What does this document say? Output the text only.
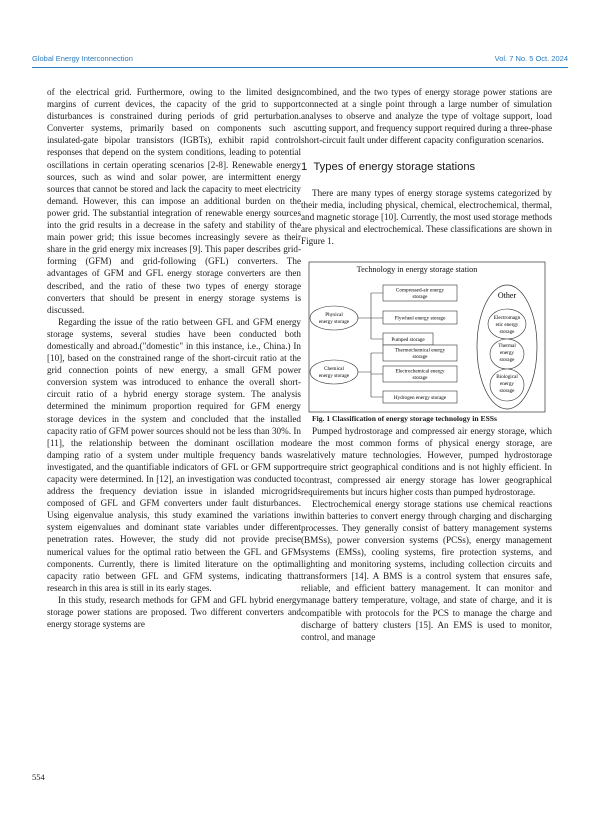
Global Energy Interconnection	Vol. 7 No. 5 Oct. 2024

of the electrical grid. Furthermore, owing to the limited design margins of current devices, the capacity of the grid to support disturbances is constrained during periods of grid perturbation. Converter systems, primarily based on components such as insulated-gate bipolar transistors (IGBTs), exhibit rapid control responses that depend on the system conditions, leading to potential oscillations in certain operating scenarios [2-8]. Renewable energy sources, such as wind and solar power, are intermittent energy sources that cannot be stored and lack the capacity to meet electricity demand. However, this can impose an additional burden on the power grid. The substantial integration of renewable energy sources into the grid results in a decrease in the safety and stability of the main power grid; this issue becomes increasingly severe as their share in the grid energy mix increases [9]. This paper describes grid-forming (GFM) and grid-following (GFL) converters. The advantages of GFM and GFL energy storage converters are then described, and the ratio of these two types of energy storage converters that should be present in energy storage systems is discussed.

Regarding the issue of the ratio between GFL and GFM energy storage systems, several studies have been conducted both domestically and abroad.("domestic" in this instance, i.e., China.) In [10], based on the constrained range of the short-circuit ratio at the grid connection points of new energy, a small GFM power conversion system was introduced to enhance the overall short-circuit ratio of a hybrid energy storage system. The analysis determined the minimum proportion required for GFM energy storage devices in the system and concluded that the installed capacity ratio of GFM power sources should not be less than 30%. In [11], the relationship between the dominant oscillation mode damping ratio of a system under multiple frequency bands was investigated, and the quantifiable indicators of GFL or GFM support capacity were determined. In [12], an investigation was conducted to address the frequency deviation issue in islanded microgrids composed of GFL and GFM converters under fault disturbances. Using eigenvalue analysis, this study examined the variations in system eigenvalues and dominant state variables under different penetration rates. However, the study did not provide precise numerical values for the optimal ratio between the GFL and GFM components. Currently, there is limited literature on the optimal capacity ratio between GFL and GFM systems, indicating that research in this area is still in its early stages.

In this study, research methods for GFM and GFL hybrid energy storage power stations are proposed. Two different converters and energy storage systems are

combined, and the two types of energy storage power stations are connected at a single point through a large number of simulation analyses to observe and analyze the type of voltage support, load cutting support, and frequency support required during a three-phase short-circuit fault under different capacity configuration scenarios.

1 Types of energy storage stations

There are many types of energy storage systems categorized by their media, including physical, chemical, electrochemical, thermal, and magnetic storage [10]. Currently, the most used storage methods are physical and electrochemical. These classifications are shown in Figure 1.

Technology in energy storage station
Physical
energy storage
Chemical
energy storage
Compressed-air energy
storage
Flywheel energy storage
Pumped storage
Thermochemical energy
storage
Electrochemical energy
storage
Hydrogen energy storage
Other
Electromagn
etic energy
storage
Thermal
energy
storage
Biological
energy
storage

Fig. 1 Classification of energy storage technology in ESSs

Pumped hydrostorage and compressed air energy storage, which are the most common forms of physical energy storage, are relatively mature technologies. However, pumped hydrostorage require strict geographical conditions and is not highly efficient. In contrast, compressed air energy storage has lower geographical requirements but incurs higher costs than pumped hydrostorage.

Electrochemical energy storage stations use chemical reactions within batteries to convert energy through charging and discharging processes. They generally consist of battery management systems (BMSs), power conversion systems (PCSs), energy management systems (EMSs), cooling systems, fire protection systems, and lighting and monitoring systems, including collection circuits and transformers [14]. A BMS is a control system that ensures safe, reliable, and efficient battery management. It can monitor and manage battery temperature, voltage, and state of charge, and it is compatible with protocols for the PCS to manage the charge and discharge of battery clusters [15]. An EMS is used to monitor, control, and manage

554
